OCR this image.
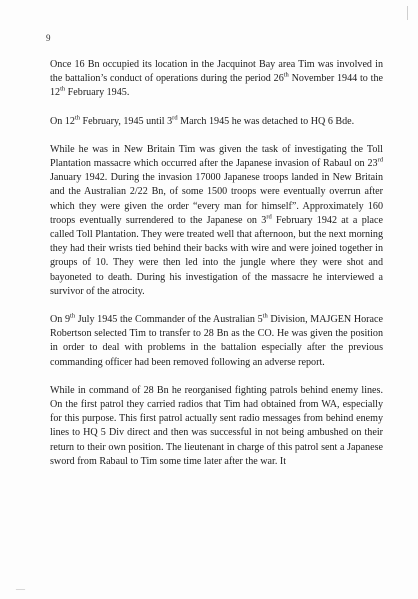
9

Once 16 Bn occupied its location in the Jacquinot Bay area Tim was involved in the battalion’s conduct of operations during the period 26th November 1944 to the 12th February 1945.

On 12th February, 1945 until 3rd March 1945 he was detached to HQ 6 Bde.

While he was in New Britain Tim was given the task of investigating the Toll Plantation massacre which occurred after the Japanese invasion of Rabaul on 23rd January 1942. During the invasion 17000 Japanese troops landed in New Britain and the Australian 2/22 Bn, of some 1500 troops were eventually overrun after which they were given the order “every man for himself”. Approximately 160 troops eventually surrendered to the Japanese on 3rd February 1942 at a place called Toll Plantation. They were treated well that afternoon, but the next morning they had their wrists tied behind their backs with wire and were joined together in groups of 10. They were then led into the jungle where they were shot and bayoneted to death. During his investigation of the massacre he interviewed a survivor of the atrocity.

On 9th July 1945 the Commander of the Australian 5th Division, MAJGEN Horace Robertson selected Tim to transfer to 28 Bn as the CO. He was given the position in order to deal with problems in the battalion especially after the previous commanding officer had been removed following an adverse report.

While in command of 28 Bn he reorganised fighting patrols behind enemy lines. On the first patrol they carried radios that Tim had obtained from WA, especially for this purpose. This first patrol actually sent radio messages from behind enemy lines to HQ 5 Div direct and then was successful in not being ambushed on their return to their own position. The lieutenant in charge of this patrol sent a Japanese sword from Rabaul to Tim some time later after the war. It

—
